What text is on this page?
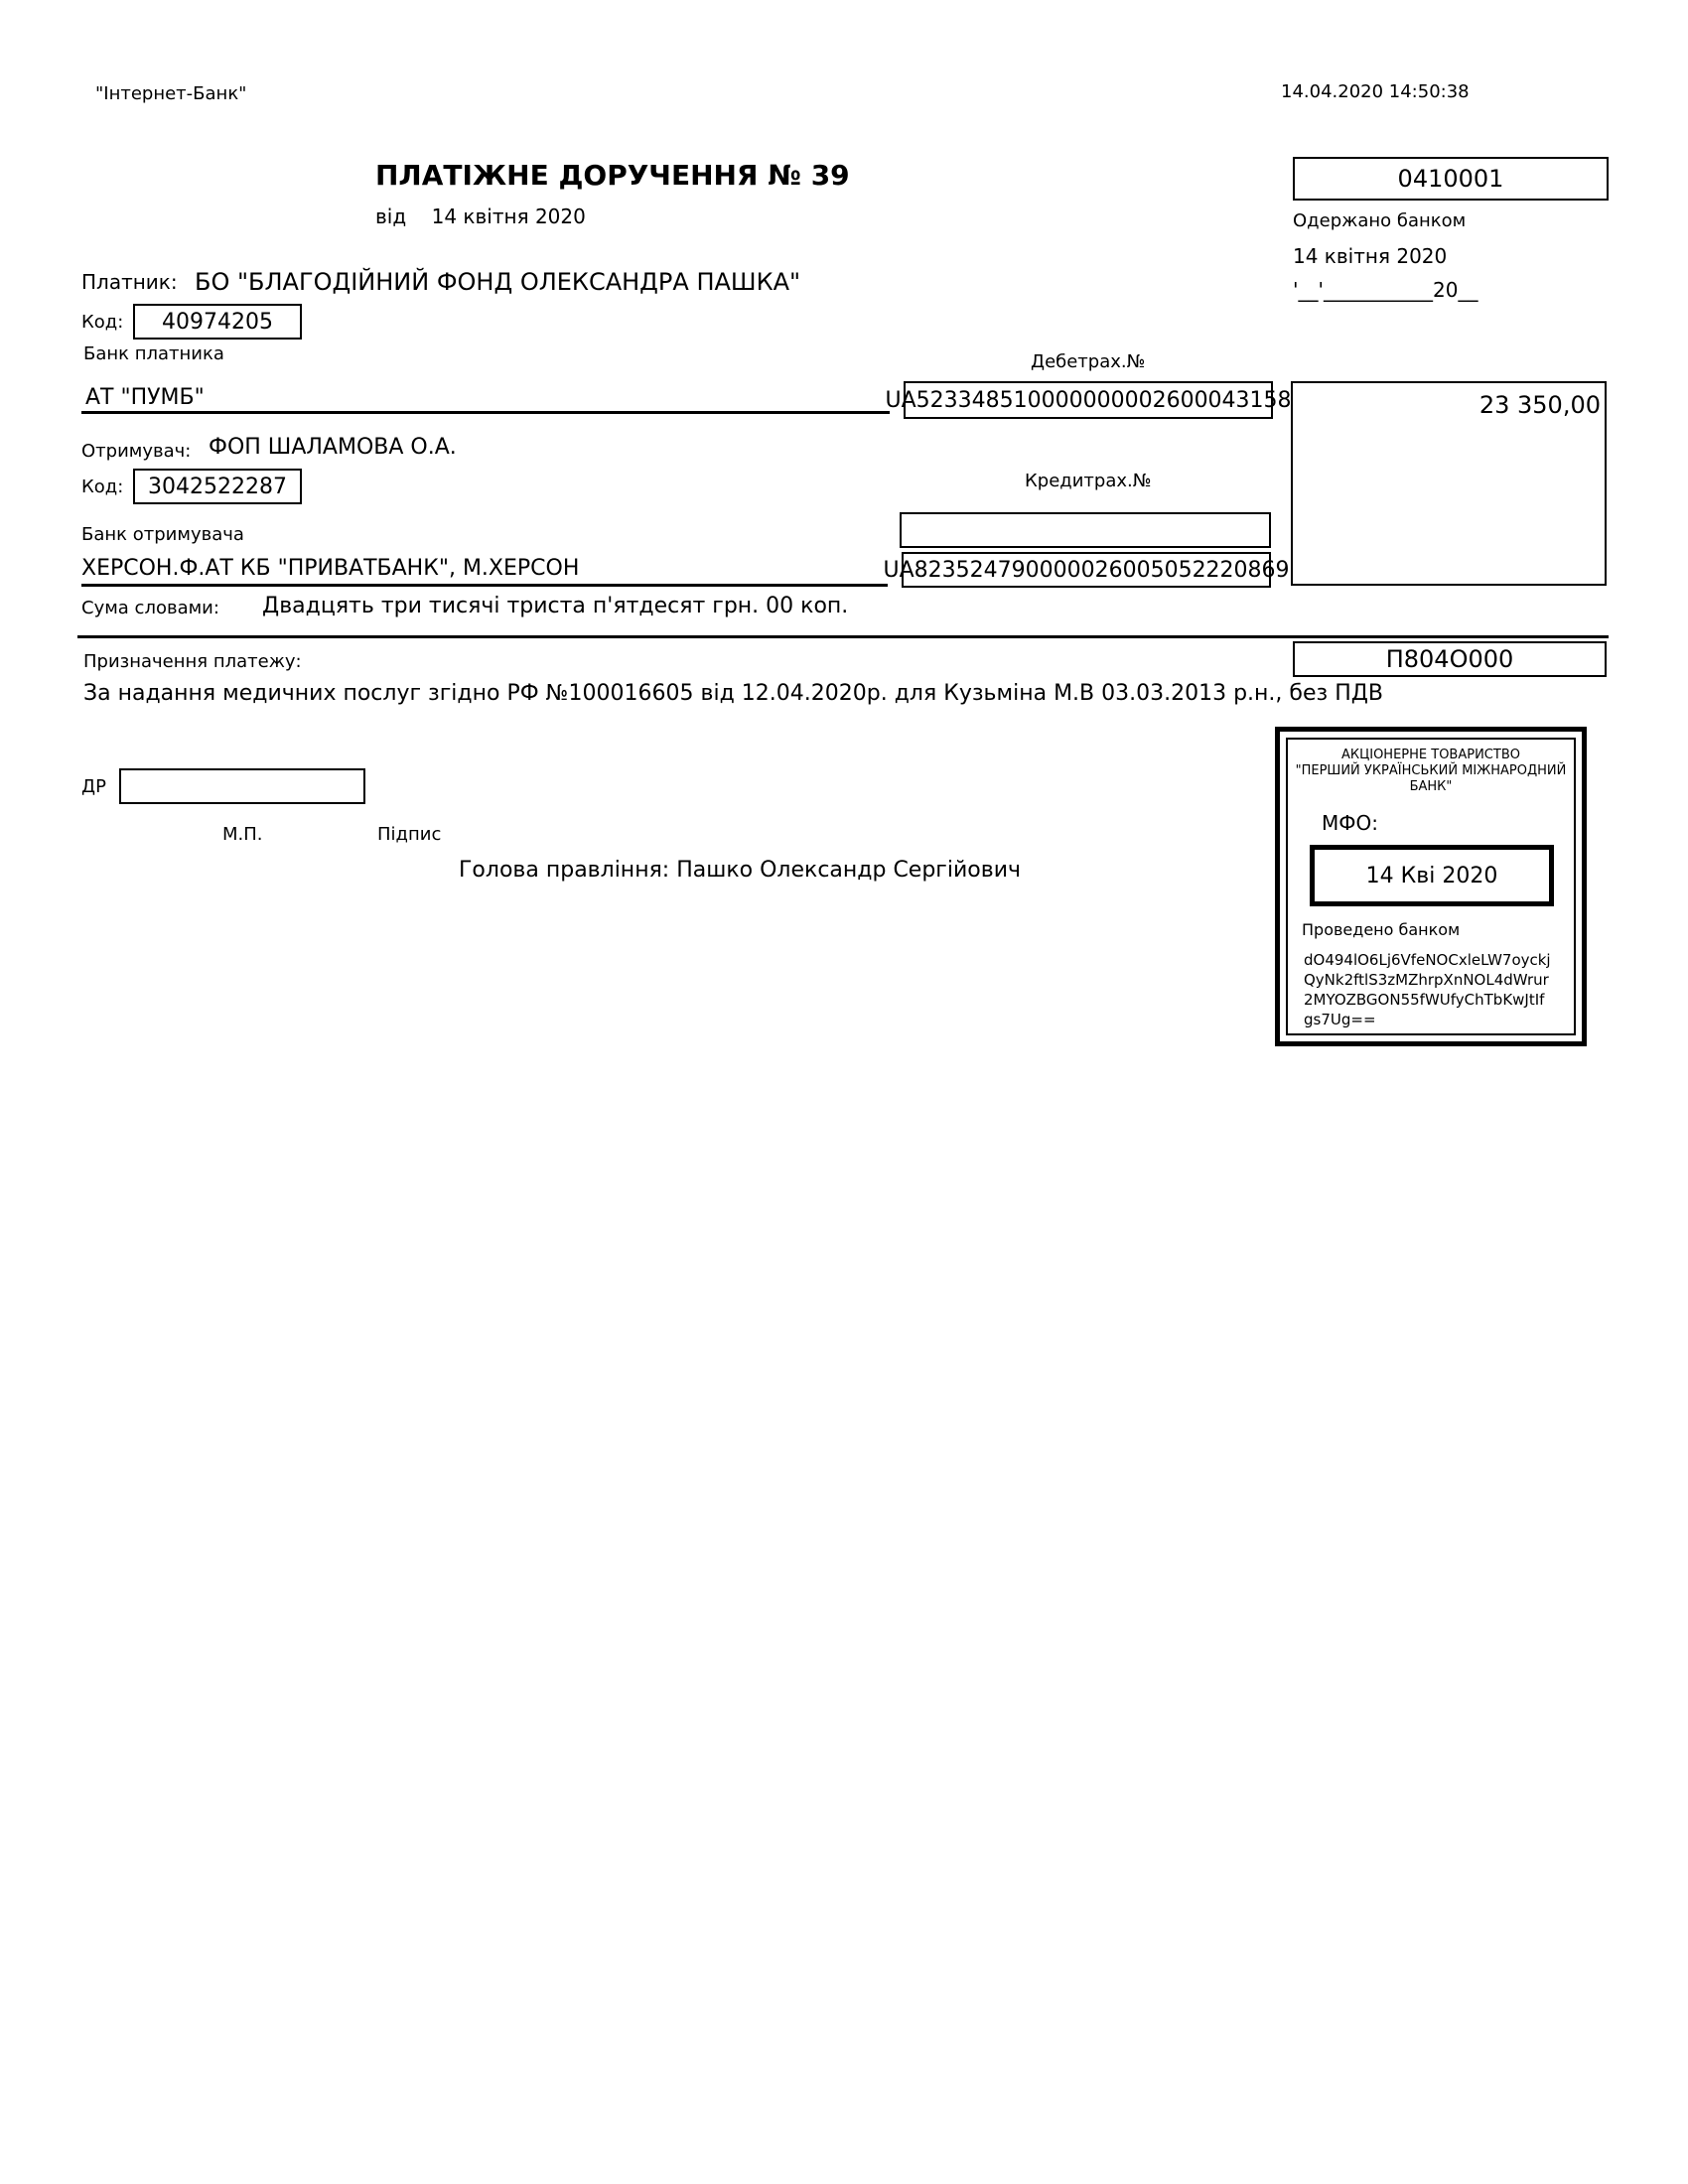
"Інтернет-Банк"	14.04.2020 14:50:38
ПЛАТІЖНЕ ДОРУЧЕННЯ № 39
від 14 квітня 2020
0410001
Одержано банком
14 квітня 2020
'__'___________20__
Платник: БО "БЛАГОДІЙНИЙ ФОНД ОЛЕКСАНДРА ПАШКА"
Код: 40974205
Банк платника	Дебетрах.№
АТ "ПУМБ"	UA523348510000000002600043158	23 350,00
Отримувач: ФОП ШАЛАМОВА О.А.
Код: 3042522287	Кредитрах.№
Банк отримувача
ХЕРСОН.Ф.АТ КБ "ПРИВАТБАНК", М.ХЕРСОН	UA823524790000026005052220869
Сума словами: Двадцять три тисячі триста п'ятдесят грн. 00 коп.
Призначення платежу:	П804О000
За надання медичних послуг згідно РФ №100016605 від 12.04.2020р. для Кузьміна М.В 03.03.2013 р.н., без ПДВ
ДР
М.П.	Підпис
Голова правління: Пашко Олександр Сергійович
АКЦІОНЕРНЕ ТОВАРИСТВО
"ПЕРШИЙ УКРАЇНСЬКИЙ МІЖНАРОДНИЙ БАНК"
МФО:
14 Кві 2020
Проведено банком
dO494lO6Lj6VfeNOCxleLW7oyckj
QyNk2ftlS3zMZhrpXnNOL4dWrur
2MYOZBGON55fWUfyChTbKwJtIf
gs7Ug==
